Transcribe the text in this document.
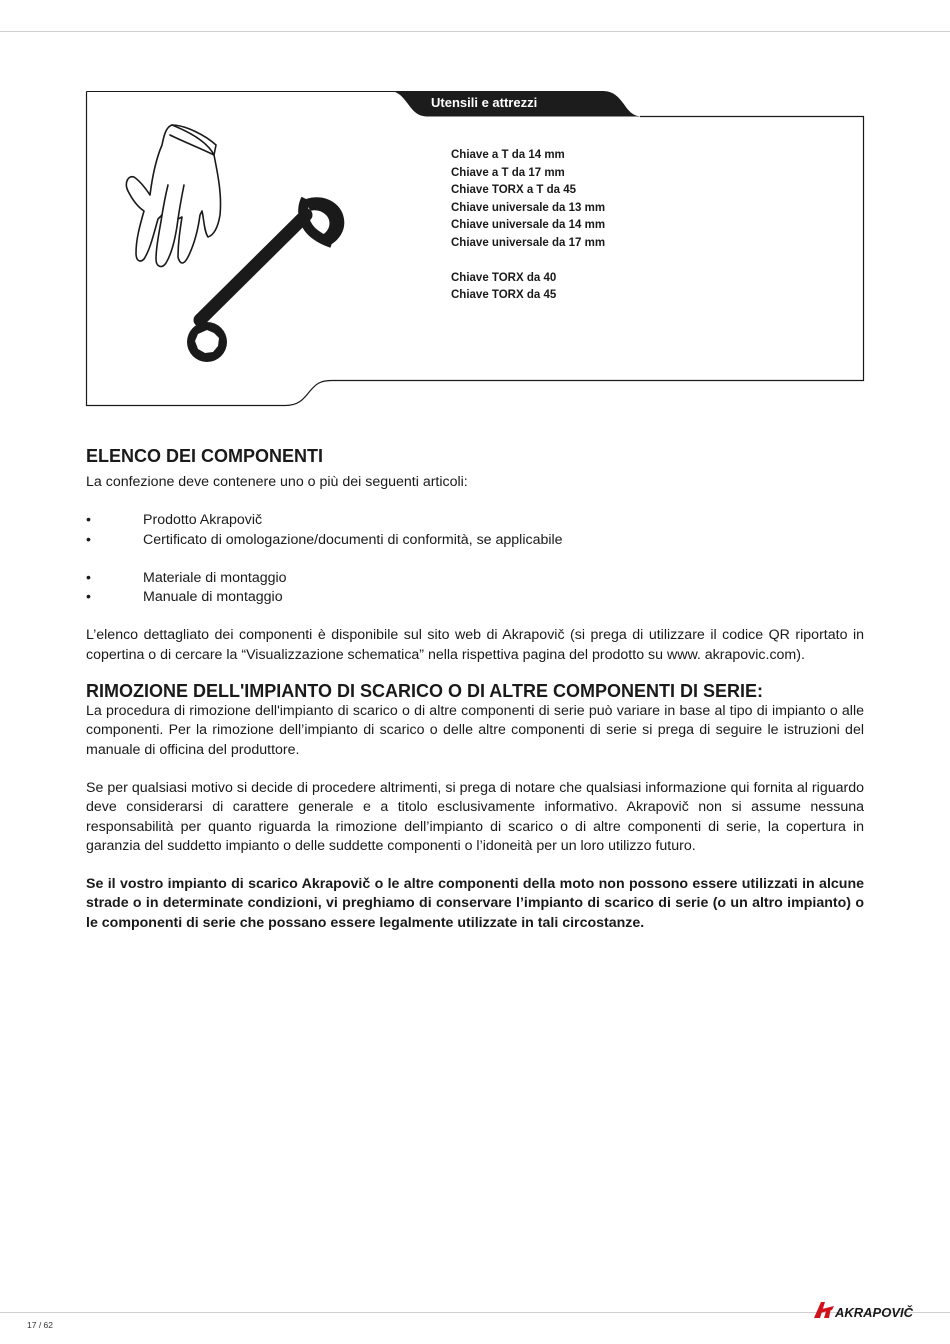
Utensili e attrezzi
Chiave a T da 14 mm
Chiave a T da 17 mm
Chiave TORX a T da 45
Chiave universale da 13 mm
Chiave universale da 14 mm
Chiave universale da 17 mm
Chiave TORX da 40
Chiave TORX da 45
ELENCO DEI COMPONENTI

La confezione deve contenere uno o più dei seguenti articoli:

• Prodotto Akrapovič
• Certificato di omologazione/documenti di conformità, se applicabile
• Materiale di montaggio
• Manuale di montaggio

L’elenco dettagliato dei componenti è disponibile sul sito web di Akrapovič (si prega di utilizzare il codice QR riportato in copertina o di cercare la “Visualizzazione schematica” nella rispettiva pagina del prodotto su www. akrapovic.com).

RIMOZIONE DELL'IMPIANTO DI SCARICO O DI ALTRE COMPONENTI DI SERIE:

La procedura di rimozione dell'impianto di scarico o di altre componenti di serie può variare in base al tipo di impianto o alle componenti. Per la rimozione dell’impianto di scarico o delle altre componenti di serie si prega di seguire le istruzioni del manuale di officina del produttore.

Se per qualsiasi motivo si decide di procedere altrimenti, si prega di notare che qualsiasi informazione qui fornita al riguardo deve considerarsi di carattere generale e a titolo esclusivamente informativo. Akrapovič non si assume nessuna responsabilità per quanto riguarda la rimozione dell’impianto di scarico o di altre componenti di serie, la copertura in garanzia del suddetto impianto o delle suddette componenti o l’idoneità per un loro utilizzo futuro.

Se il vostro impianto di scarico Akrapovič o le altre componenti della moto non possono essere utilizzati in alcune strade o in determinate condizioni, vi preghiamo di conservare l’impianto di scarico di serie (o un altro impianto) o le componenti di serie che possano essere legalmente utilizzate in tali circostanze.

17 / 62
AKRAPOVIČ
